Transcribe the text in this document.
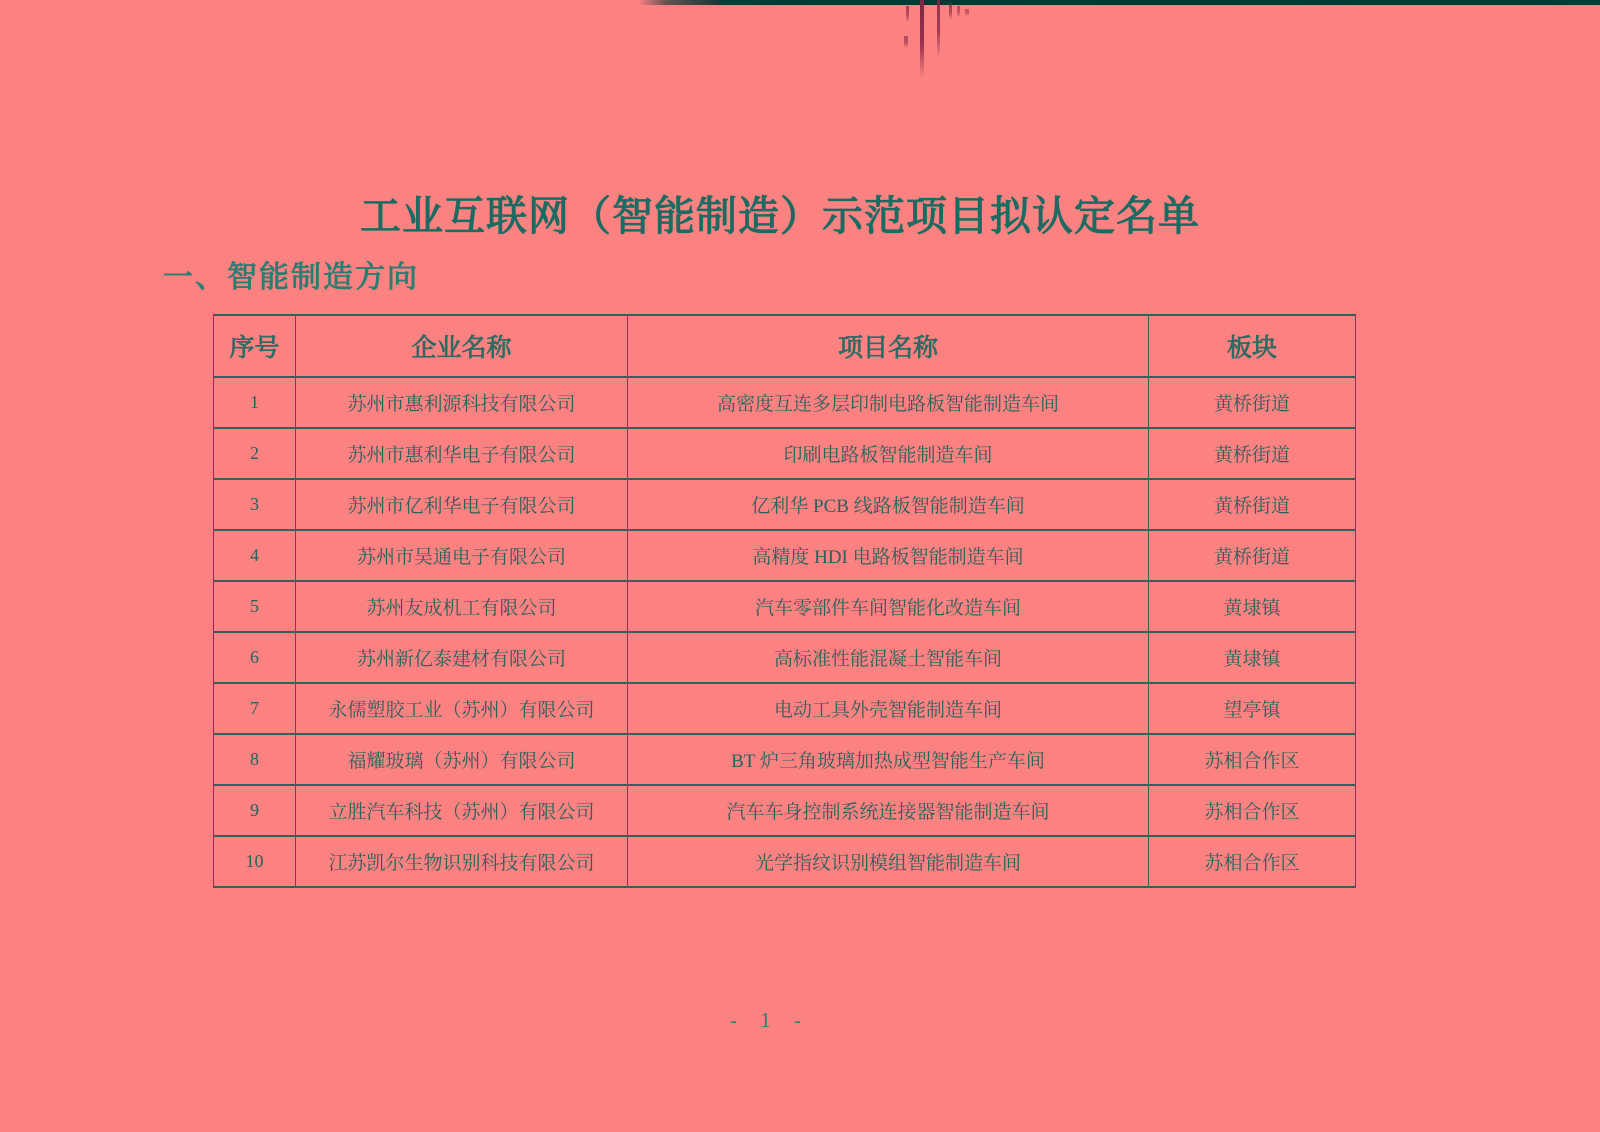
工业互联网（智能制造）示范项目拟认定名单
一、智能制造方向
序号	企业名称	项目名称	板块
1	苏州市惠利源科技有限公司	高密度互连多层印制电路板智能制造车间	黄桥街道
2	苏州市惠利华电子有限公司	印刷电路板智能制造车间	黄桥街道
3	苏州市亿利华电子有限公司	亿利华 PCB 线路板智能制造车间	黄桥街道
4	苏州市吴通电子有限公司	高精度 HDI 电路板智能制造车间	黄桥街道
5	苏州友成机工有限公司	汽车零部件车间智能化改造车间	黄埭镇
6	苏州新亿泰建材有限公司	高标准性能混凝土智能车间	黄埭镇
7	永儒塑胶工业（苏州）有限公司	电动工具外壳智能制造车间	望亭镇
8	福耀玻璃（苏州）有限公司	BT 炉三角玻璃加热成型智能生产车间	苏相合作区
9	立胜汽车科技（苏州）有限公司	汽车车身控制系统连接器智能制造车间	苏相合作区
10	江苏凯尔生物识别科技有限公司	光学指纹识别模组智能制造车间	苏相合作区
- 1 -
